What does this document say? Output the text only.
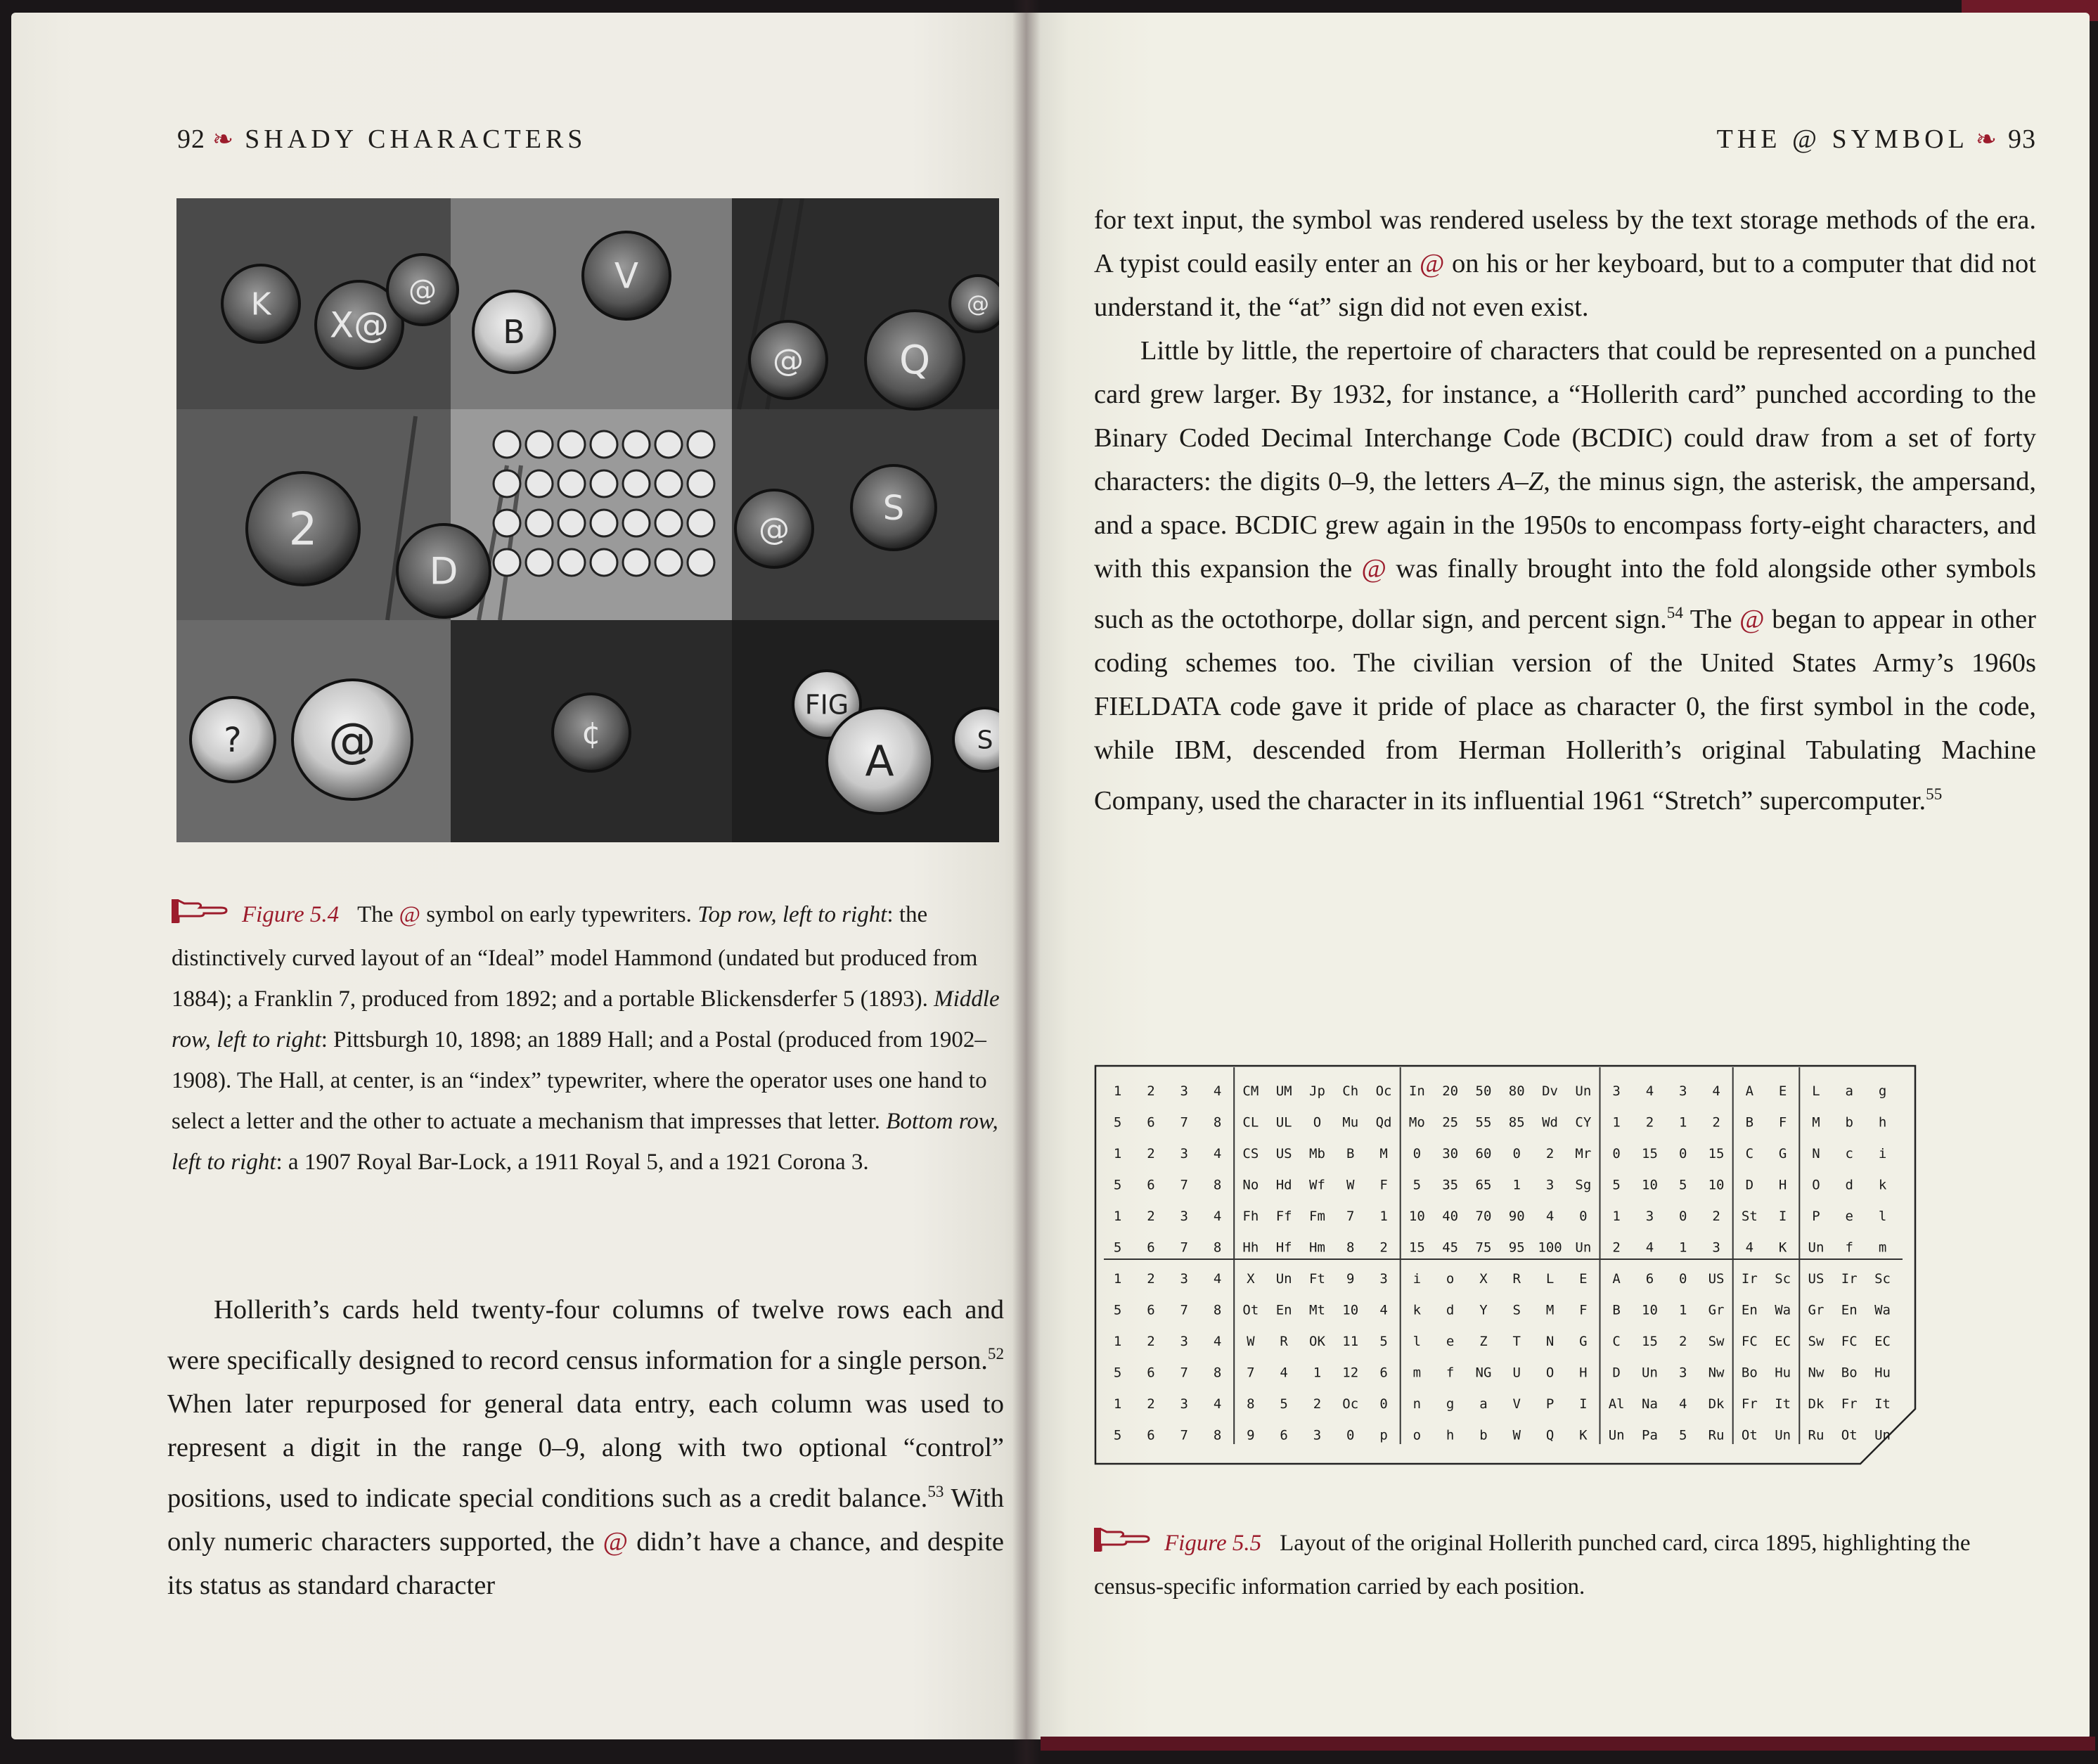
92 ❧ SHADY CHARACTERS
X@
K	@
B
V
@ Q
@
2
D
S
@
? @
FIG
A	S
¢
Figure 5.4 The @ symbol on early typewriters. Top row, left to right: the distinctively curved layout of an “Ideal” model Hammond (undated but produced from 1884); a Franklin 7, produced from 1892; and a portable Blickensderfer 5 (1893). Middle row, left to right: Pittsburgh 10, 1898; an 1889 Hall; and a Postal (produced from 1902–1908). The Hall, at center, is an “index” typewriter, where the operator uses one hand to select a letter and the other to actuate a mechanism that impresses that letter. Bottom row, left to right: a 1907 Royal Bar-Lock, a 1911 Royal 5, and a 1921 Corona 3.

Hollerith’s cards held twenty-four columns of twelve rows each and were specifically designed to record census information for a single person.$^{52}$ When later repurposed for general data entry, each column was used to represent a digit in the range 0–9, along with two optional “control” positions, used to indicate special conditions such as a credit balance.$^{53}$ With only numeric characters supported, the @ didn’t have a chance, and despite its status as standard character

THE @ SYMBOL ❧ 93

for text input, the symbol was rendered useless by the text storage methods of the era. A typist could easily enter an @ on his or her keyboard, but to a computer that did not understand it, the “at” sign did not even exist.

Little by little, the repertoire of characters that could be represented on a punched card grew larger. By 1932, for instance, a “Hollerith card” punched according to the Binary Coded Decimal Interchange Code (BCDIC) could draw from a set of forty characters: the digits 0–9, the letters A–Z, the minus sign, the asterisk, the ampersand, and a space. BCDIC grew again in the 1950s to encompass forty-eight characters, and with this expansion the @ was finally brought into the fold alongside other symbols such as the octothorpe, dollar sign, and percent sign.$^{54}$ The @ began to appear in other coding schemes too. The civilian version of the United States Army’s 1960s FIELDATA code gave it pride of place as character 0, the first symbol in the code, while IBM, descended from Herman Hollerith’s original Tabulating Machine Company, used the character in its influential 1961 “Stretch” supercomputer.$^{55}$

1 2 3 4 CM UM Jp Ch Oc In 20 50 80 Dv Un 3 4 3 4 A E L a g
5 6 7 8 CL UL O Mu Qd Mo 25 55 85 Wd CY 1 2 1 2 B F M b h
1 2 3 4 CS US Mb B M 0 30 60 0 2 Mr 0 15 0 15 C G N c i
5 6 7 8 No Hd Wf W F 5 35 65 1 3 Sg 5 10 5 10 D H O d k
1 2 3 4 Fh Ff Fm 7 1 10 40 70 90 4 0 1 3 0 2 St I P e l
5 6 7 8 Hh Hf Hm 8 2 15 45 75 95 100 Un 2 4 1 3 4 K Un f m
1 2 3 4 X Un Ft 9 3 i o X R L E A 6 0 US Ir Sc US Ir Sc
5 6 7 8 Ot En Mt 10 4 k d Y S M F B 10 1 Gr En Wa Gr En Wa
1 2 3 4 W R OK 11 5 l e Z T N G C 15 2 Sw FC EC Sw FC EC
5 6 7 8 7 4 1 12 6 m f NG U O H D Un 3 Nw Bo Hu Nw Bo Hu
1 2 3 4 8 5 2 Oc 0 n g a V P I Al Na 4 Dk Fr It Dk Fr It
5 6 7 8 9 6 3 0 p o h b W Q K Un Pa 5 Ru Ot Un Ru Ot Un
Figure 5.5 Layout of the original Hollerith punched card, circa 1895, highlighting the census-specific information carried by each position.
